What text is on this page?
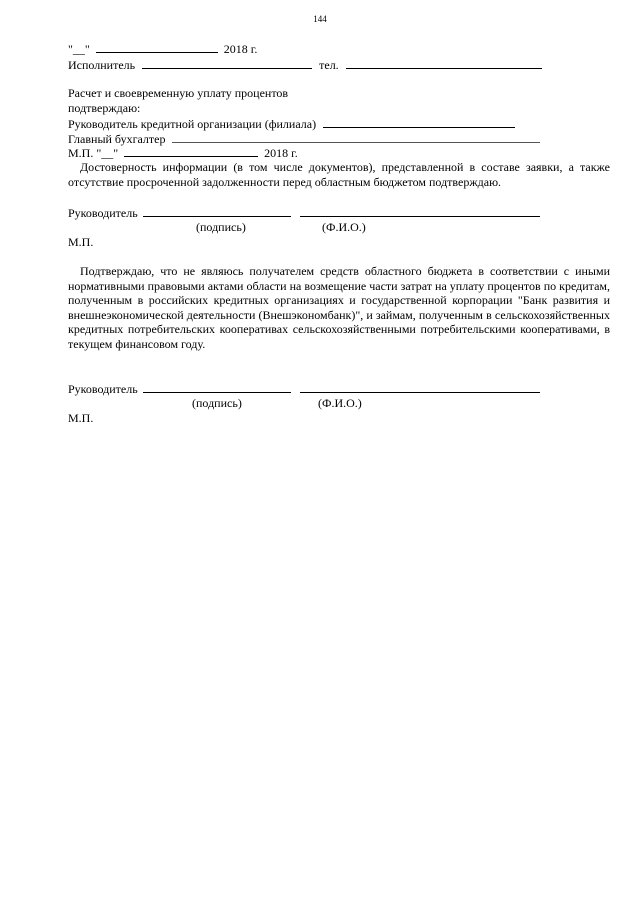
144
"__"	2018 г.
Исполнитель	тел.
Расчет и своевременную уплату процентов
подтверждаю:
Руководитель кредитной организации (филиала)
Главный бухгалтер
М.П. "__"	2018 г.
Достоверность информации (в том числе документов), представленной в составе заявки, а также отсутствие просроченной задолженности перед областным бюджетом подтверждаю.
Руководитель
(подпись)	(Ф.И.О.)
М.П.
Подтверждаю, что не являюсь получателем средств областного бюджета в соответствии с иными нормативными правовыми актами области на возмещение части затрат на уплату процентов по кредитам, полученным в российских кредитных организациях и государственной корпорации "Банк развития и внешнеэкономической деятельности (Внешэкономбанк)", и займам, полученным в сельскохозяйственных кредитных потребительских кооперативах сельскохозяйственными потребительскими кооперативами, в текущем финансовом году.
Руководитель
(подпись)	(Ф.И.О.)
М.П.
